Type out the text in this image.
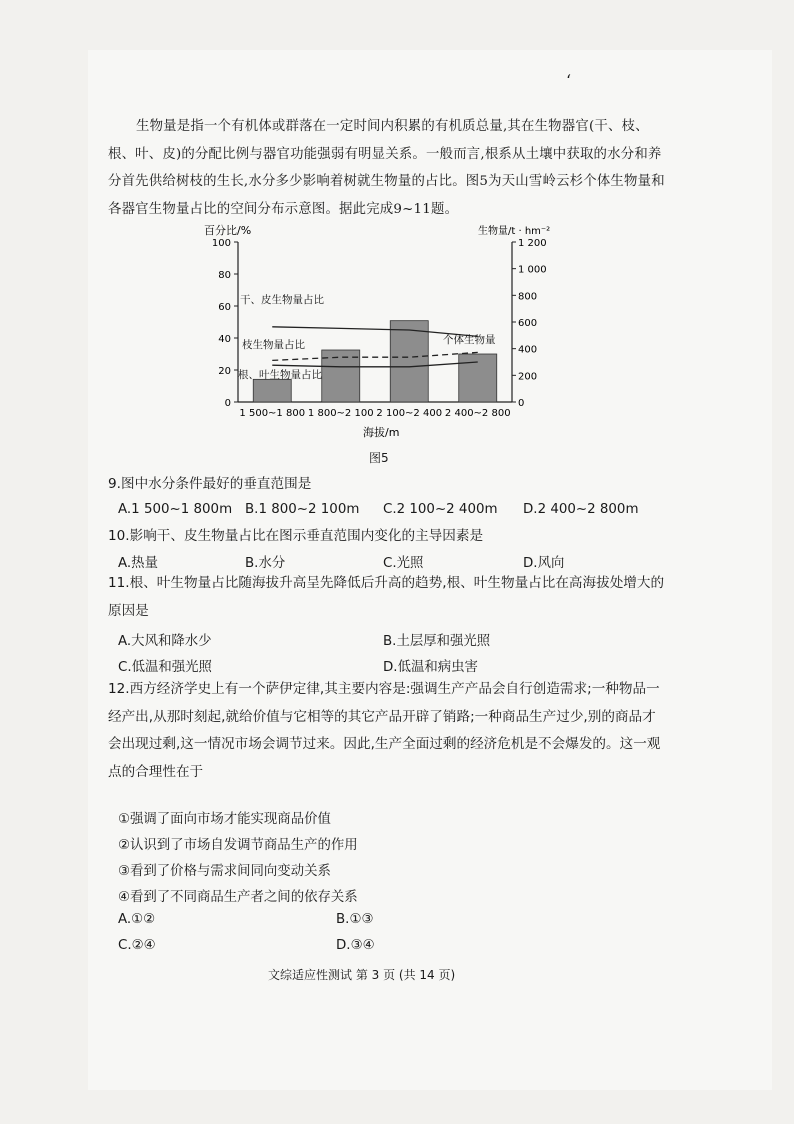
ʻ
生物量是指一个有机体或群落在一定时间内积累的有机质总量,其在生物器官(干、枝、根、叶、皮)的分配比例与器官功能强弱有明显关系。一般而言,根系从土壤中获取的水分和养分首先供给树枝的生长,水分多少影响着树就生物量的占比。图5为天山雪岭云杉个体生物量和各器官生物量占比的空间分布示意图。据此完成9~11题。
百分比/%	生物量/t · hm⁻²
0
20
40
60
80
100
0
200
400
600
800
1 000
1 200
1 500~1 800 1 800~2 100 2 100~2 400 2 400~2 800
个体生物量
干、皮生物量占比
枝生物量占比
根、叶生物量占比
海拔/m
图5
9.图中水分条件最好的垂直范围是
A.1 500~1 800m B.1 800~2 100m C.2 100~2 400m D.2 400~2 800m
10.影响干、皮生物量占比在图示垂直范围内变化的主导因素是
A.热量	B.水分	C.光照	D.风向
11.根、叶生物量占比随海拔升高呈先降低后升高的趋势,根、叶生物量占比在高海拔处增大的原因是
A.大风和降水少	B.土层厚和强光照
C.低温和强光照	D.低温和病虫害
12.西方经济学史上有一个萨伊定律,其主要内容是:强调生产产品会自行创造需求;一种物品一经产出,从那时刻起,就给价值与它相等的其它产品开辟了销路;一种商品生产过少,别的商品才会出现过剩,这一情况市场会调节过来。因此,生产全面过剩的经济危机是不会爆发的。这一观点的合理性在于
①强调了面向市场才能实现商品价值
②认识到了市场自发调节商品生产的作用
③看到了价格与需求间同向变动关系
④看到了不同商品生产者之间的依存关系
A.①②	B.①③
C.②④	D.③④
文综适应性测试 第 3 页 (共 14 页)
